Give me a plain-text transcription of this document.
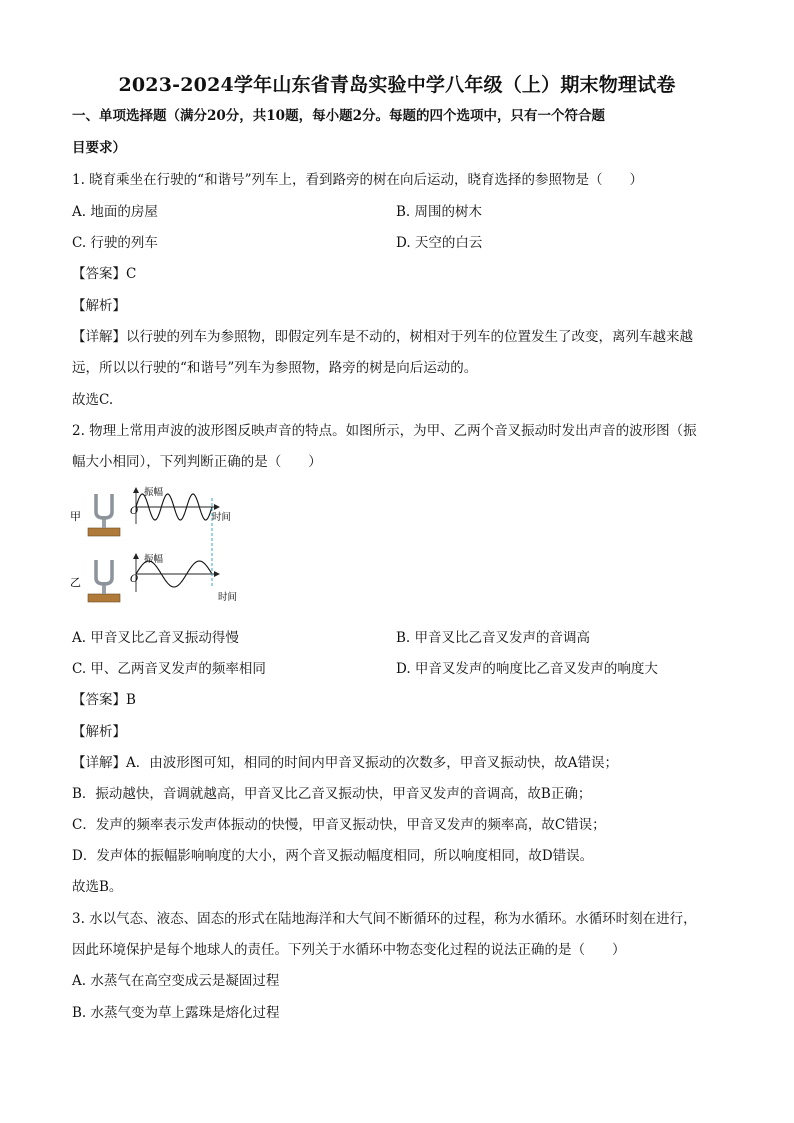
2023-2024学年山东省青岛实验中学八年级（上）期末物理试卷
一、单项选择题（满分20分，共10题，每小题2分。每题的四个选项中，只有一个符合题
目要求）
1. 晓育乘坐在行驶的“和谐号”列车上，看到路旁的树在向后运动，晓育选择的参照物是（　　）
A. 地面的房屋	B. 周围的树木
C. 行驶的列车	D. 天空的白云
【答案】C
【解析】
【详解】以行驶的列车为参照物，即假定列车是不动的，树相对于列车的位置发生了改变，离列车越来越
远，所以以行驶的“和谐号”列车为参照物，路旁的树是向后运动的。
故选C.
2. 物理上常用声波的波形图反映声音的特点。如图所示，为甲、乙两个音叉振动时发出声音的波形图（振
幅大小相同），下列判断正确的是（　　）
甲
乙
振幅
O
时间
振幅
O
时间
A. 甲音叉比乙音叉振动得慢	B. 甲音叉比乙音叉发声的音调高
C. 甲、乙两音叉发声的频率相同	D. 甲音叉发声的响度比乙音叉发声的响度大
【答案】B
【解析】
【详解】A．由波形图可知，相同的时间内甲音叉振动的次数多，甲音叉振动快，故A错误；
B．振动越快，音调就越高，甲音叉比乙音叉振动快，甲音叉发声的音调高，故B正确；
C．发声的频率表示发声体振动的快慢，甲音叉振动快，甲音叉发声的频率高，故C错误；
D．发声体的振幅影响响度的大小，两个音叉振动幅度相同，所以响度相同，故D错误。
故选B。
3. 水以气态、液态、固态的形式在陆地海洋和大气间不断循环的过程，称为水循环。水循环时刻在进行，
因此环境保护是每个地球人的责任。下列关于水循环中物态变化过程的说法正确的是（　　）
A. 水蒸气在高空变成云是凝固过程
B. 水蒸气变为草上露珠是熔化过程
